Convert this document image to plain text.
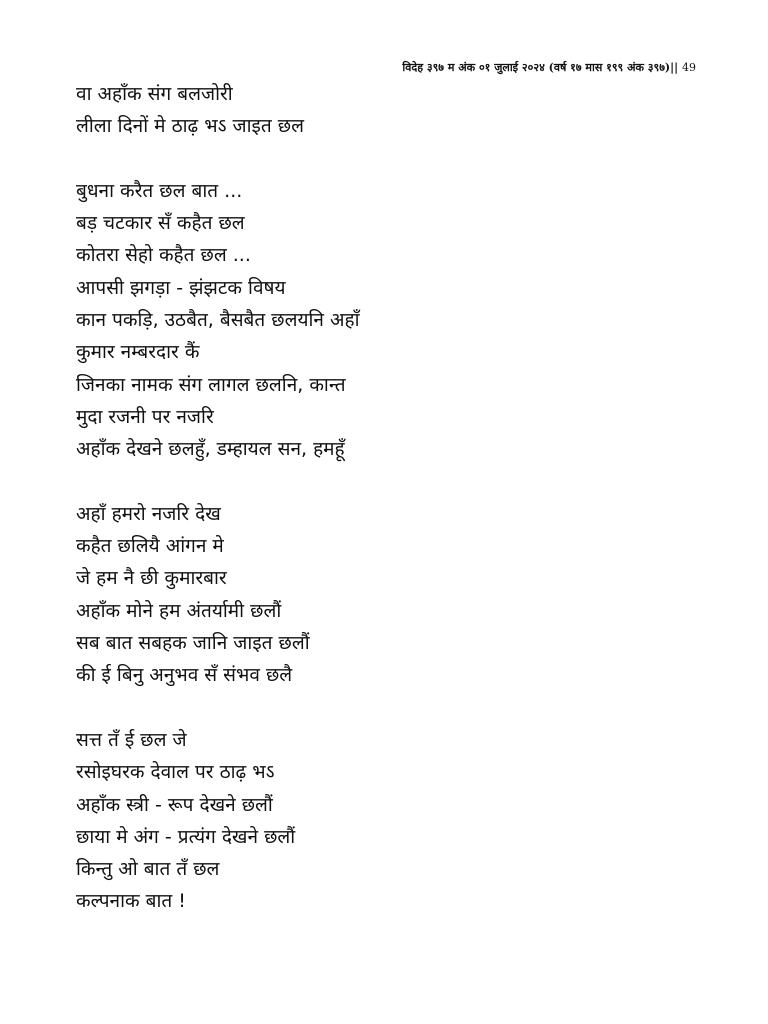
विदेह ३९७ म अंक ०१ जुलाई २०२४ (वर्ष १७ मास १९९ अंक ३९७)|| 49
वा अहाँक संग बलजोरी
लीला दिनों मे ठाढ़ भऽ जाइत छल
बुधना करैत छल बात ...
बड़ चटकार सँ कहैत छल
कोतरा सेहो कहैत छल ...
आपसी झगड़ा - झंझटक विषय
कान पकड़ि, उठबैत, बैसबैत छलयनि अहाँ
कुमार नम्बरदार कैं
जिनका नामक संग लागल छलनि, कान्त
मुदा रजनी पर नजरि
अहाँक देखने छलहुँ, डम्हायल सन, हमहूँ
अहाँ हमरो नजरि देख
कहैत छलियै आंगन मे
जे हम नै छी कुमारबार
अहाँक मोने हम अंतर्यामी छलौं
सब बात सबहक जानि जाइत छलौं
की ई बिनु अनुभव सँ संभव छलै
सत्त तँ ई छल जे
रसोइघरक देवाल पर ठाढ़ भऽ
अहाँक स्त्री - रूप देखने छलौं
छाया मे अंग - प्रत्यंग देखने छलौं
किन्तु ओ बात तँ छल
कल्पनाक बात !
